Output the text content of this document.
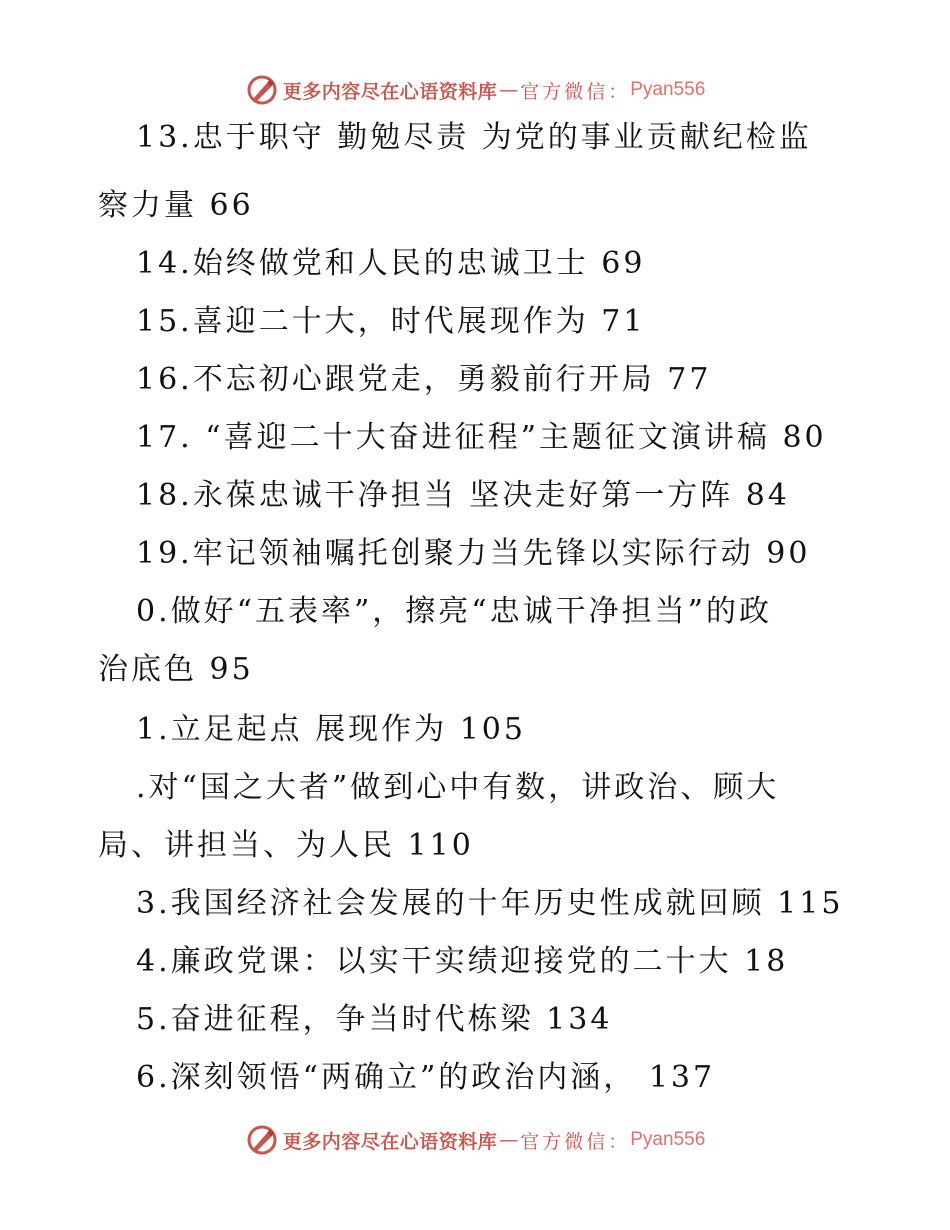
更多内容尽在心语资料库 — 官方微信： Pyan556
13.忠于职守 勤勉尽责 为党的事业贡献纪检监
察力量 66
14.始终做党和人民的忠诚卫士 69
15.喜迎二十大，时代展现作为 71
16.不忘初心跟党走，勇毅前行开局 77
17. “喜迎二十大奋进征程”主题征文演讲稿 80
18.永葆忠诚干净担当 坚决走好第一方阵 84
19.牢记领袖嘱托创聚力当先锋以实际行动 90
0.做好“五表率”，擦亮“忠诚干净担当”的政
治底色 95
1.立足起点 展现作为 105
.对“国之大者”做到心中有数，讲政治、顾大
局、讲担当、为人民 110
3.我国经济社会发展的十年历史性成就回顾 115
4.廉政党课：以实干实绩迎接党的二十大 18
5.奋进征程，争当时代栋梁 134
6.深刻领悟“两确立”的政治内涵， 137
更多内容尽在心语资料库 — 官方微信： Pyan556
